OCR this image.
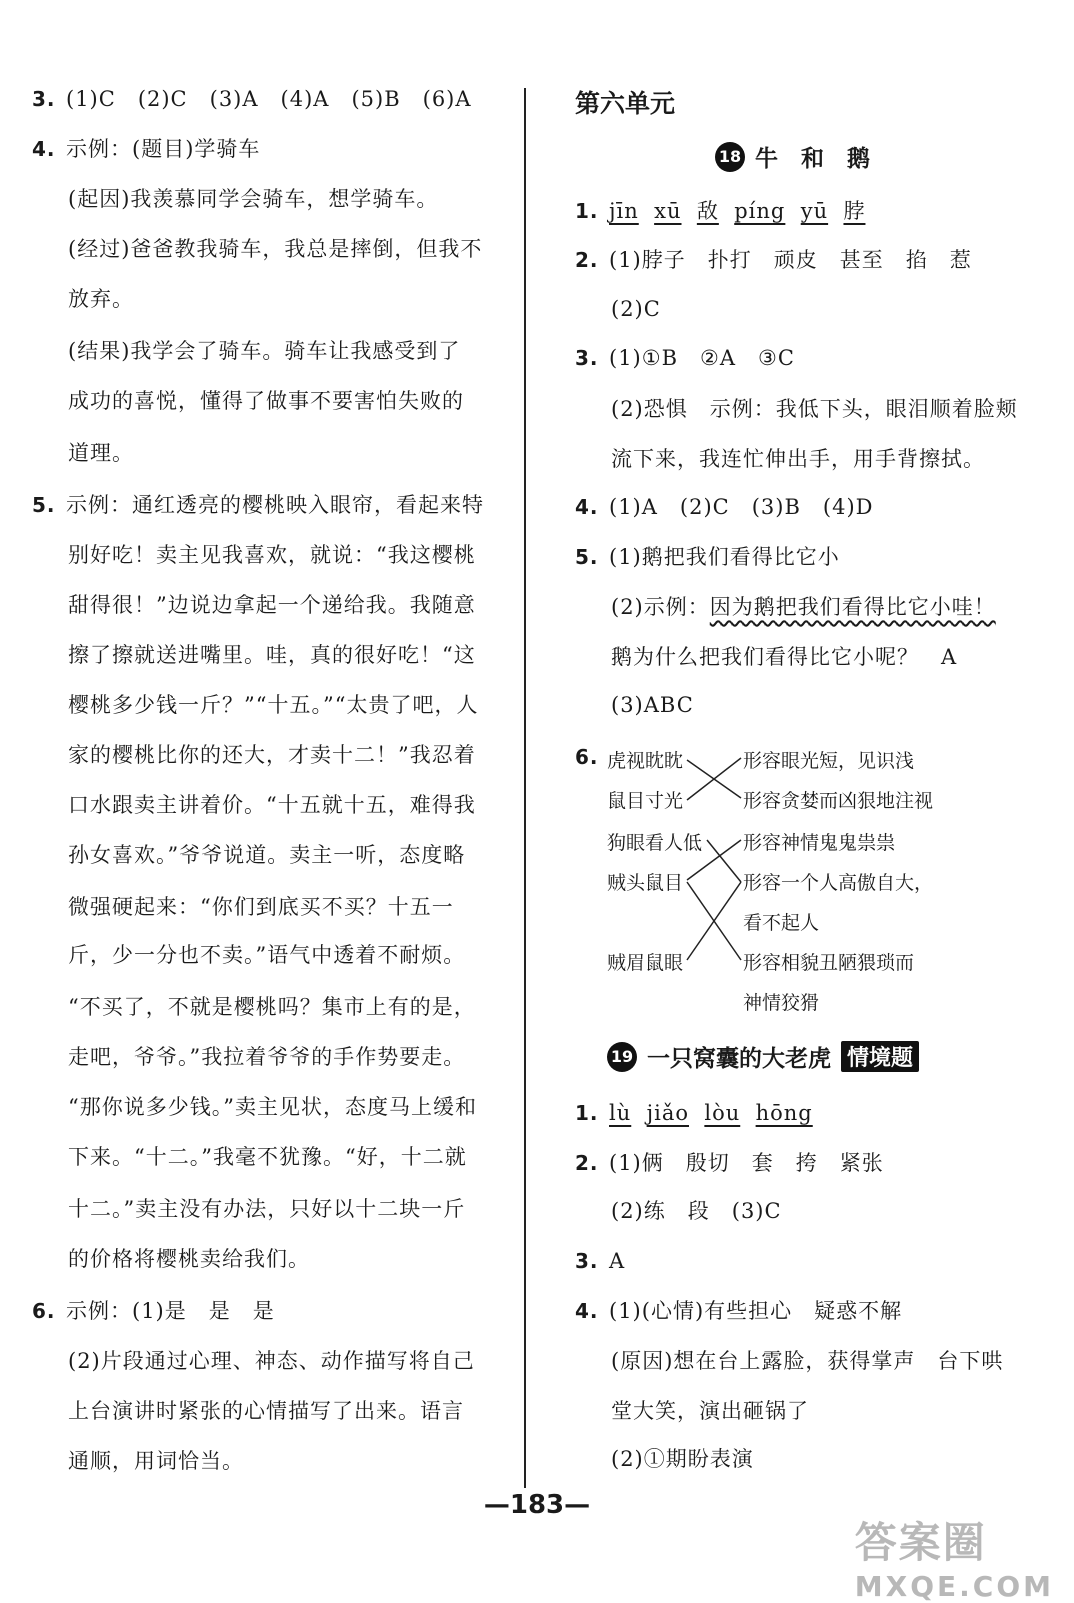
3. (1)C　(2)C　(3)A　(4)A　(5)B　(6)A
4. 示例：(题目)学骑车
(起因)我羡慕同学会骑车，想学骑车。
(经过)爸爸教我骑车，我总是摔倒，但我不
放弃。
(结果)我学会了骑车。骑车让我感受到了
成功的喜悦，懂得了做事不要害怕失败的
道理。
5. 示例：通红透亮的樱桃映入眼帘，看起来特
别好吃！卖主见我喜欢，就说：“我这樱桃
甜得很！”边说边拿起一个递给我。我随意
擦了擦就送进嘴里。哇，真的很好吃！“这
樱桃多少钱一斤？”“十五。”“太贵了吧，人
家的樱桃比你的还大，才卖十二！”我忍着
口水跟卖主讲着价。“十五就十五，难得我
孙女喜欢。”爷爷说道。卖主一听，态度略
微强硬起来：“你们到底买不买？十五一
斤，少一分也不卖。”语气中透着不耐烦。
“不买了，不就是樱桃吗？集市上有的是，
走吧，爷爷。”我拉着爷爷的手作势要走。
“那你说多少钱。”卖主见状，态度马上缓和
下来。“十二。”我毫不犹豫。“好，十二就
十二。”卖主没有办法，只好以十二块一斤
的价格将樱桃卖给我们。
6. 示例：(1)是　是　是
(2)片段通过心理、神态、动作描写将自己
上台演讲时紧张的心情描写了出来。语言
通顺，用词恰当。
第六单元
18 牛　和　鹅
1. jīn xū 敌 píng yū 脖
2. (1)脖子　扑打　顽皮　甚至　掐　惹
(2)C
3. (1)①B　②A　③C
(2)恐惧　示例：我低下头，眼泪顺着脸颊
流下来，我连忙伸出手，用手背擦拭。
4. (1)A　(2)C　(3)B　(4)D
5. (1)鹅把我们看得比它小
(2)示例：因为鹅把我们看得比它小哇！
鹅为什么把我们看得比它小呢？　A
(3)ABC
6. 虎视眈眈
鼠目寸光
狗眼看人低
贼头鼠目
贼眉鼠眼
形容眼光短，见识浅
形容贪婪而凶狠地注视
形容神情鬼鬼祟祟
形容一个人高傲自大，
看不起人
形容相貌丑陋猥琐而
神情狡猾
19 一只窝囊的大老虎 情境题
1. lù jiǎo lòu hōng
2. (1)俩　殷切　套　挎　紧张
(2)练　段　(3)C
3. A
4. (1)(心情)有些担心　疑惑不解
(原因)想在台上露脸，获得掌声　台下哄
堂大笑，演出砸锅了
(2)①期盼表演
—183—
答案圈
MXQE.COM
